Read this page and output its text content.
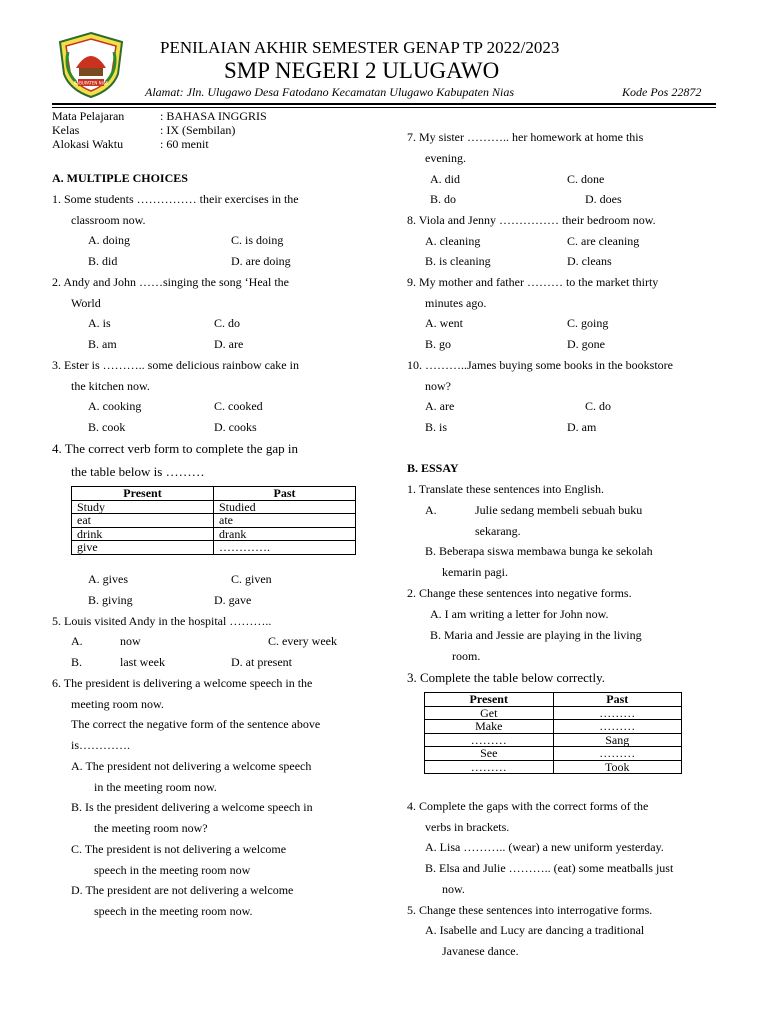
KABUPATEN NIAS
PENILAIAN AKHIR SEMESTER GENAP TP 2022/2023
SMP NEGERI 2 ULUGAWO
Alamat: Jln. Ulugawo Desa Fatodano Kecamatan Ulugawo Kabupaten Nias	Kode Pos 22872
Mata Pelajaran	: BAHASA INGGRIS
Kelas	: IX (Sembilan)
Alokasi Waktu	: 60 menit
A. MULTIPLE CHOICES
1. Some students …………… their exercises in the
classroom now.
A. doing	C. is doing
B. did	D. are doing
2. Andy and John ……singing the song ‘Heal the
World
A. is	C. do
B. am	D. are
3. Ester is ……….. some delicious rainbow cake in
the kitchen now.
A. cooking	C. cooked
B. cook	D. cooks
4. The correct verb form to complete the gap in
the table below is ………
Present	Past
Study	Studied
eat	ate
drink	drank
give	………….
A. gives	C. given
B. giving	D. gave
5. Louis visited Andy in the hospital ………..
A.	now	C. every week
B.	last week	D. at present
6. The president is delivering a welcome speech in the
meeting room now.
The correct the negative form of the sentence above
is………….
A. The president not delivering a welcome speech
in the meeting room now.
B. Is the president delivering a welcome speech in
the meeting room now?
C. The president is not delivering a welcome
speech in the meeting room now
D. The president are not delivering a welcome
speech in the meeting room now.
7. My sister ……….. her homework at home this
evening.
A. did	C. done
B. do	D. does
8. Viola and Jenny …………… their bedroom now.
A. cleaning	C. are cleaning
B. is cleaning	D. cleans
9. My mother and father ……… to the market thirty
minutes ago.
A. went	C. going
B. go	D. gone
10. ………..James buying some books in the bookstore
now?
A. are	C. do
B. is	D. am
B. ESSAY
1. Translate these sentences into English.
A.	Julie sedang membeli sebuah buku
sekarang.
B. Beberapa siswa membawa bunga ke sekolah
kemarin pagi.
2. Change these sentences into negative forms.
A. I am writing a letter for John now.
B. Maria and Jessie are playing in the living
room.
3. Complete the table below correctly.
Present	Past
Get	………
Make	………
………	Sang
See	………
………	Took
4. Complete the gaps with the correct forms of the
verbs in brackets.
A. Lisa ……….. (wear) a new uniform yesterday.
B. Elsa and Julie ……….. (eat) some meatballs just
now.
5. Change these sentences into interrogative forms.
A. Isabelle and Lucy are dancing a traditional
Javanese dance.
